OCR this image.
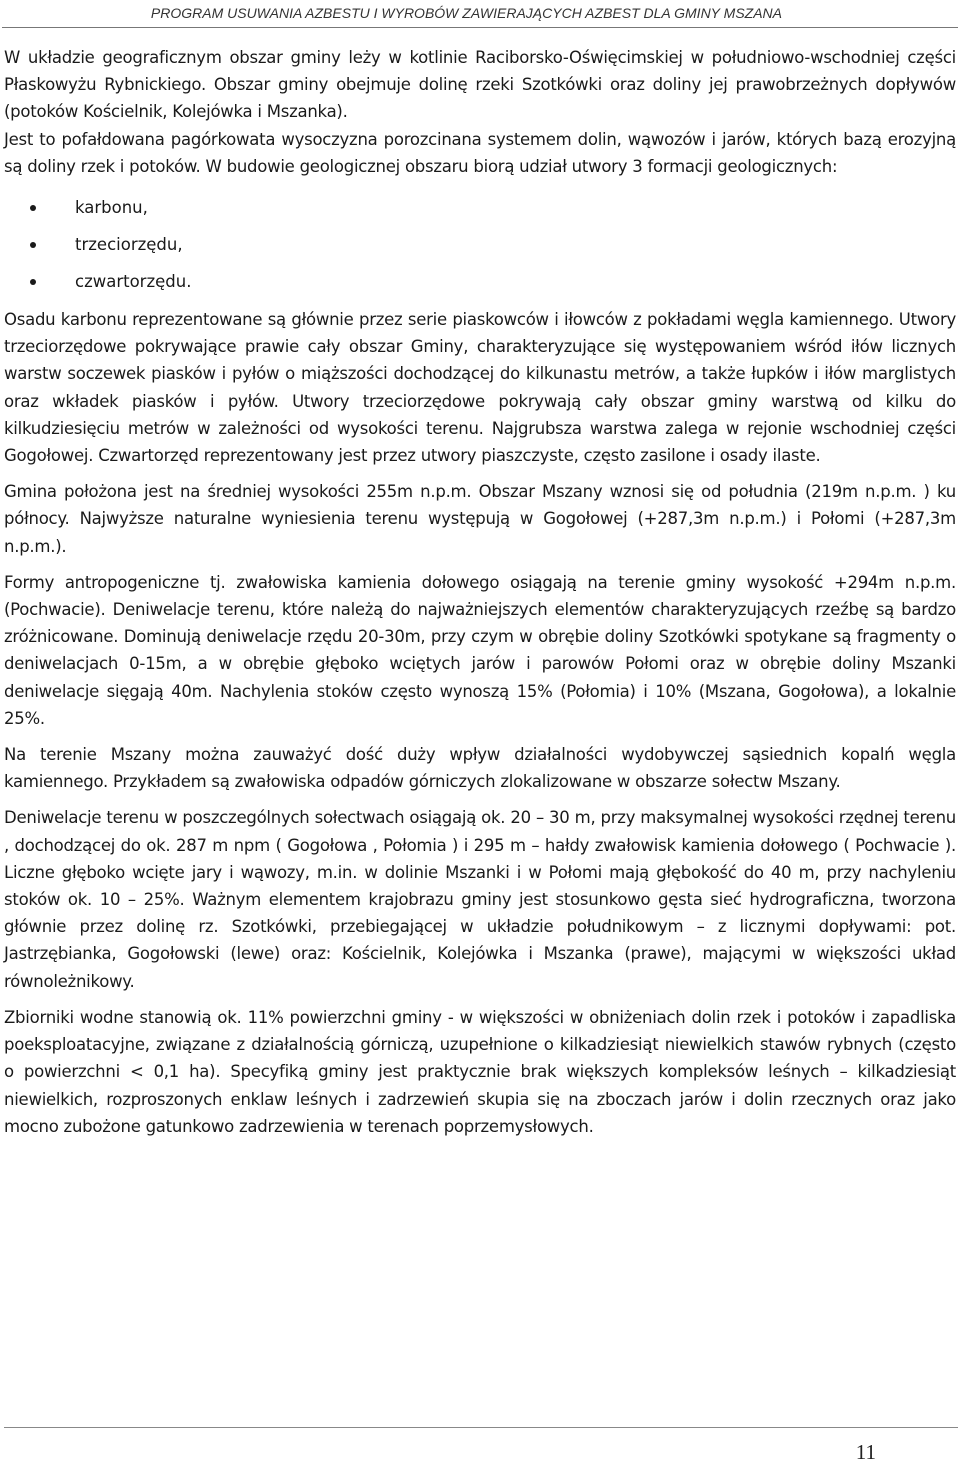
PROGRAM USUWANIA AZBESTU I WYROBÓW ZAWIERAJĄCYCH AZBEST DLA GMINY MSZANA

W układzie geograficznym obszar gminy leży w kotlinie Raciborsko-Oświęcimskiej w południowo-wschodniej części Płaskowyżu Rybnickiego. Obszar gminy obejmuje dolinę rzeki Szotkówki oraz doliny jej prawobrzeżnych dopływów (potoków Kościelnik, Kolejówka i Mszanka).

Jest to pofałdowana pagórkowata wysoczyzna porozcinana systemem dolin, wąwozów i jarów, których bazą erozyjną są doliny rzek i potoków. W budowie geologicznej obszaru biorą udział utwory 3 formacji geologicznych:

karbonu,
trzeciorzędu,
czwartorzędu.

Osadu karbonu reprezentowane są głównie przez serie piaskowców i iłowców z pokładami węgla kamiennego. Utwory trzeciorzędowe pokrywające prawie cały obszar Gminy, charakteryzujące się występowaniem wśród iłów licznych warstw soczewek piasków i pyłów o miąższości dochodzącej do kilkunastu metrów, a także łupków i iłów marglistych oraz wkładek piasków i pyłów. Utwory trzeciorzędowe pokrywają cały obszar gminy warstwą od kilku do kilkudziesięciu metrów w zależności od wysokości terenu. Najgrubsza warstwa zalega w rejonie wschodniej części Gogołowej. Czwartorzęd reprezentowany jest przez utwory piaszczyste, często zasilone i osady ilaste.

Gmina położona jest na średniej wysokości 255m n.p.m. Obszar Mszany wznosi się od południa (219m n.p.m. ) ku północy. Najwyższe naturalne wyniesienia terenu występują w Gogołowej (+287,3m n.p.m.) i Połomi (+287,3m n.p.m.).

Formy antropogeniczne tj. zwałowiska kamienia dołowego osiągają na terenie gminy wysokość +294m n.p.m. (Pochwacie). Deniwelacje terenu, które należą do najważniejszych elementów charakteryzujących rzeźbę są bardzo zróżnicowane. Dominują deniwelacje rzędu 20-30m, przy czym w obrębie doliny Szotkówki spotykane są fragmenty o deniwelacjach 0-15m, a w obrębie głęboko wciętych jarów i parowów Połomi oraz w obrębie doliny Mszanki deniwelacje sięgają 40m. Nachylenia stoków często wynoszą 15% (Połomia) i 10% (Mszana, Gogołowa), a lokalnie 25%.

Na terenie Mszany można zauważyć dość duży wpływ działalności wydobywczej sąsiednich kopalń węgla kamiennego. Przykładem są zwałowiska odpadów górniczych zlokalizowane w obszarze sołectw Mszany.

Deniwelacje terenu w poszczególnych sołectwach osiągają ok. 20 – 30 m, przy maksymalnej wysokości rzędnej terenu , dochodzącej do ok. 287 m npm ( Gogołowa , Połomia ) i 295 m – hałdy zwałowisk kamienia dołowego ( Pochwacie ). Liczne głęboko wcięte jary i wąwozy, m.in. w dolinie Mszanki i w Połomi mają głębokość do 40 m, przy nachyleniu stoków ok. 10 – 25%. Ważnym elementem krajobrazu gminy jest stosunkowo gęsta sieć hydrograficzna, tworzona głównie przez dolinę rz. Szotkówki, przebiegającej w układzie południkowym – z licznymi dopływami: pot. Jastrzębianka, Gogołowski (lewe) oraz: Kościelnik, Kolejówka i Mszanka (prawe), mającymi w większości układ równoleżnikowy.

Zbiorniki wodne stanowią ok. 11% powierzchni gminy - w większości w obniżeniach dolin rzek i potoków i zapadliska poeksploatacyjne, związane z działalnością górniczą, uzupełnione o kilkadziesiąt niewielkich stawów rybnych (często o powierzchni < 0,1 ha). Specyfiką gminy jest praktycznie brak większych kompleksów leśnych – kilkadziesiąt niewielkich, rozproszonych enklaw leśnych i zadrzewień skupia się na zboczach jarów i dolin rzecznych oraz jako mocno zubożone gatunkowo zadrzewienia w terenach poprzemysłowych.

11
